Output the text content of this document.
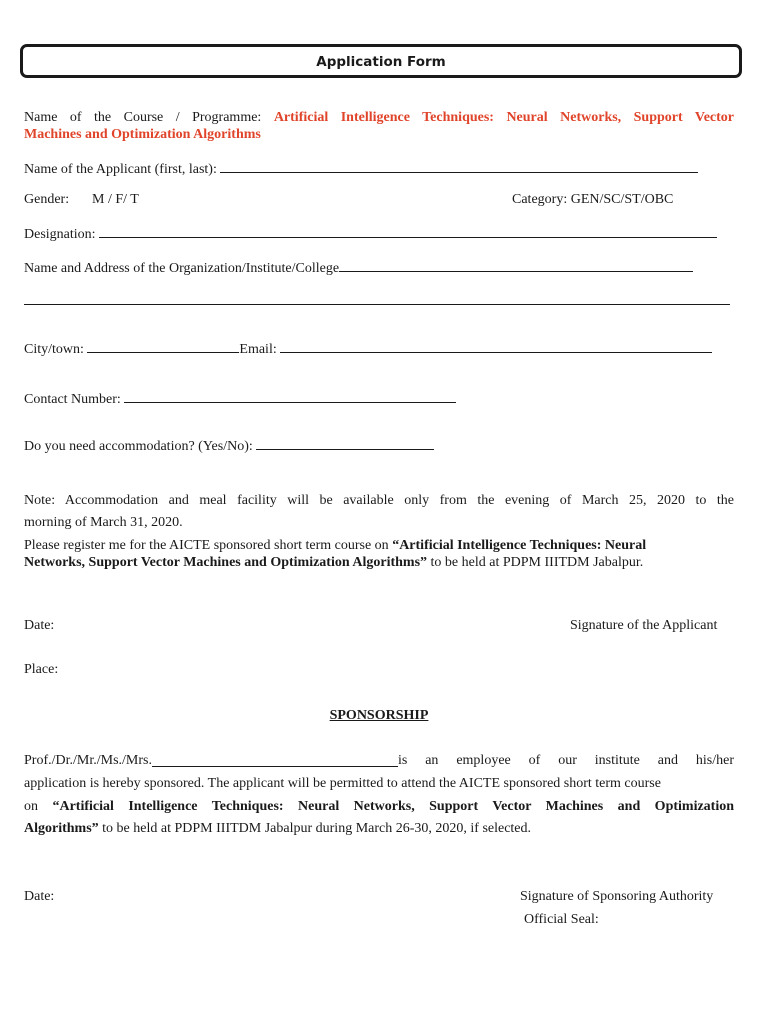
Application Form
Name of the Course / Programme: Artificial Intelligence Techniques: Neural Networks, Support Vector
Machines and Optimization Algorithms
Name of the Applicant (first, last):
Gender: M / F/ T	Category: GEN/SC/ST/OBC
Designation:
Name and Address of the Organization/Institute/College
City/town:	Email:
Contact Number:
Do you need accommodation? (Yes/No):
Note: Accommodation and meal facility will be available only from the evening of March 25, 2020 to the
morning of March 31, 2020.
Please register me for the AICTE sponsored short term course on “Artificial Intelligence Techniques: Neural
Networks, Support Vector Machines and Optimization Algorithms” to be held at PDPM IIITDM Jabalpur.
Date:	Signature of the Applicant
Place:
SPONSORSHIP
Prof./Dr./Mr./Ms./Mrs.	is  an  employee  of  our  institute  and  his/her
application is hereby sponsored. The applicant will be permitted to attend the AICTE sponsored short term course
on “Artificial Intelligence Techniques: Neural Networks, Support Vector Machines and Optimization
Algorithms” to be held at PDPM IIITDM Jabalpur during March 26-30, 2020, if selected.
Date:	Signature of Sponsoring Authority
Official Seal:
